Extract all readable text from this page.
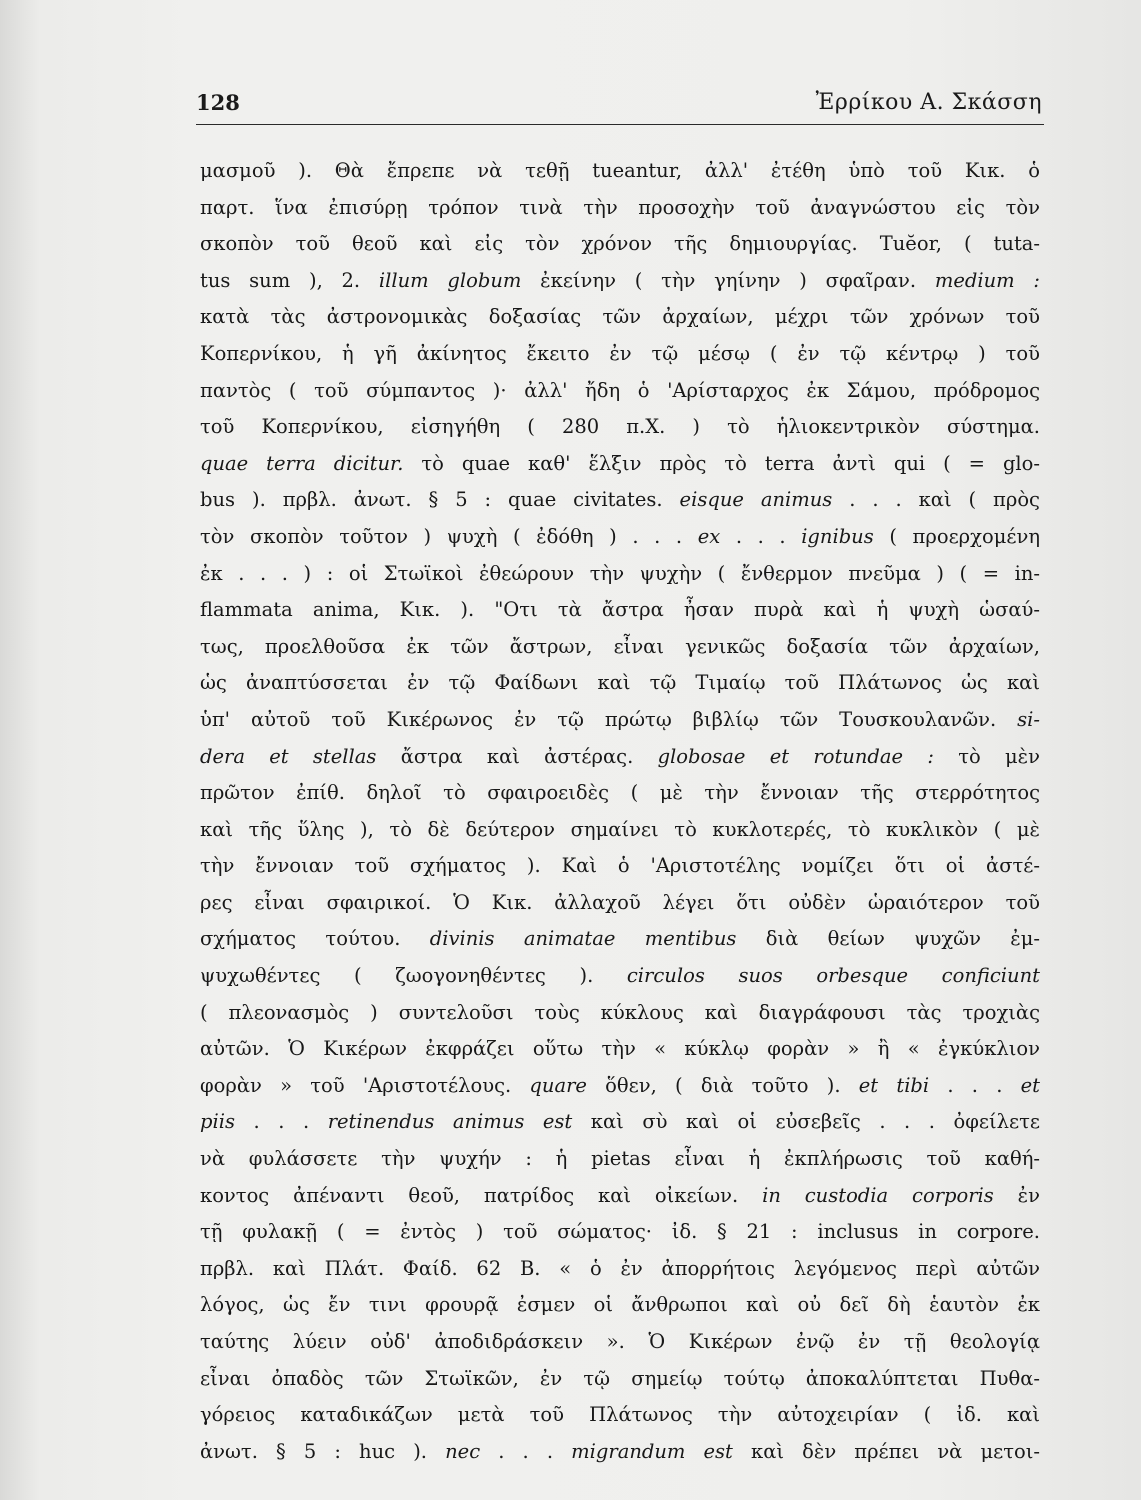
128	Ἐρρίκου Α. Σκάσση
μασμοῦ ). Θὰ ἔπρεπε νὰ τεθῇ tueantur, ἀλλ' ἐτέθη ὑπὸ τοῦ Κικ. ὁ
παρτ. ἵνα ἐπισύρῃ τρόπον τινὰ τὴν προσοχὴν τοῦ ἀναγνώστου εἰς τὸν
σκοπὸν τοῦ θεοῦ καὶ εἰς τὸν χρόνον τῆς δημιουργίας. Tuĕor, ( tuta-
tus sum ), 2. illum globum ἐκείνην ( τὴν γηίνην ) σφαῖραν. medium :
κατὰ τὰς ἀστρονομικὰς δοξασίας τῶν ἀρχαίων, μέχρι τῶν χρόνων τοῦ
Κοπερνίκου, ἡ γῆ ἀκίνητος ἔκειτο ἐν τῷ μέσῳ ( ἐν τῷ κέντρῳ ) τοῦ
παντὸς ( τοῦ σύμπαντος )· ἀλλ' ἤδη ὁ 'Αρίσταρχος ἐκ Σάμου, πρόδρομος
τοῦ Κοπερνίκου, εἰσηγήθη ( 280 π.Χ. ) τὸ ἡλιοκεντρικὸν σύστημα.
quae terra dicitur. τὸ quae καθ' ἕλξιν πρὸς τὸ terra ἀντὶ qui ( = glo-
bus ). πρβλ. ἀνωτ. § 5 : quae civitates. eisque animus . . . καὶ ( πρὸς
τὸν σκοπὸν τοῦτον ) ψυχὴ ( ἐδόθη ) . . . ex . . . ignibus ( προερχομένη
ἐκ . . . ) : οἱ Στωϊκοὶ ἐθεώρουν τὴν ψυχὴν ( ἔνθερμον πνεῦμα ) ( = in-
flammata anima, Κικ. ). "Οτι τὰ ἄστρα ἦσαν πυρὰ καὶ ἡ ψυχὴ ὡσαύ-
τως, προελθοῦσα ἐκ τῶν ἄστρων, εἶναι γενικῶς δοξασία τῶν ἀρχαίων,
ὡς ἀναπτύσσεται ἐν τῷ Φαίδωνι καὶ τῷ Τιμαίῳ τοῦ Πλάτωνος ὡς καὶ
ὑπ' αὐτοῦ τοῦ Κικέρωνος ἐν τῷ πρώτῳ βιβλίῳ τῶν Τουσκουλανῶν. si-
dera et stellas ἄστρα καὶ ἀστέρας. globosae et rotundae : τὸ μὲν
πρῶτον ἐπίθ. δηλοῖ τὸ σφαιροειδὲς ( μὲ τὴν ἔννοιαν τῆς στερρότητος
καὶ τῆς ὕλης ), τὸ δὲ δεύτερον σημαίνει τὸ κυκλοτερές, τὸ κυκλικὸν ( μὲ
τὴν ἔννοιαν τοῦ σχήματος ). Καὶ ὁ 'Αριστοτέλης νομίζει ὅτι οἱ ἀστέ-
ρες εἶναι σφαιρικοί. Ὁ Κικ. ἀλλαχοῦ λέγει ὅτι οὐδὲν ὡραιότερον τοῦ
σχήματος τούτου. divinis animatae mentibus διὰ θείων ψυχῶν ἐμ-
ψυχωθέντες ( ζωογονηθέντες ). circulos suos orbesque conficiunt
( πλεονασμὸς ) συντελοῦσι τοὺς κύκλους καὶ διαγράφουσι τὰς τροχιὰς
αὐτῶν. Ὁ Κικέρων ἐκφράζει οὕτω τὴν « κύκλῳ φορὰν » ἢ « ἐγκύκλιον
φορὰν » τοῦ 'Αριστοτέλους. quare ὅθεν, ( διὰ τοῦτο ). et tibi . . . et
piis . . . retinendus animus est καὶ σὺ καὶ οἱ εὐσεβεῖς . . . ὀφείλετε
νὰ φυλάσσετε τὴν ψυχήν : ἡ pietas εἶναι ἡ ἐκπλήρωσις τοῦ καθή-
κοντος ἀπέναντι θεοῦ, πατρίδος καὶ οἰκείων. in custodia corporis ἐν
τῇ φυλακῇ ( = ἐντὸς ) τοῦ σώματος· ἰδ. § 21 : inclusus in corpore.
πρβλ. καὶ Πλάτ. Φαίδ. 62 Β. « ὁ ἐν ἀπορρήτοις λεγόμενος περὶ αὐτῶν
λόγος, ὡς ἔν τινι φρουρᾷ ἐσμεν οἱ ἄνθρωποι καὶ οὐ δεῖ δὴ ἑαυτὸν ἐκ
ταύτης λύειν οὐδ' ἀποδιδράσκειν ». Ὁ Κικέρων ἐνῷ ἐν τῇ θεολογίᾳ
εἶναι ὀπαδὸς τῶν Στωϊκῶν, ἐν τῷ σημείῳ τούτῳ ἀποκαλύπτεται Πυθα-
γόρειος καταδικάζων μετὰ τοῦ Πλάτωνος τὴν αὐτοχειρίαν ( ἰδ. καὶ
ἀνωτ. § 5 : huc ). nec . . . migrandum est καὶ δὲν πρέπει νὰ μετοι-
